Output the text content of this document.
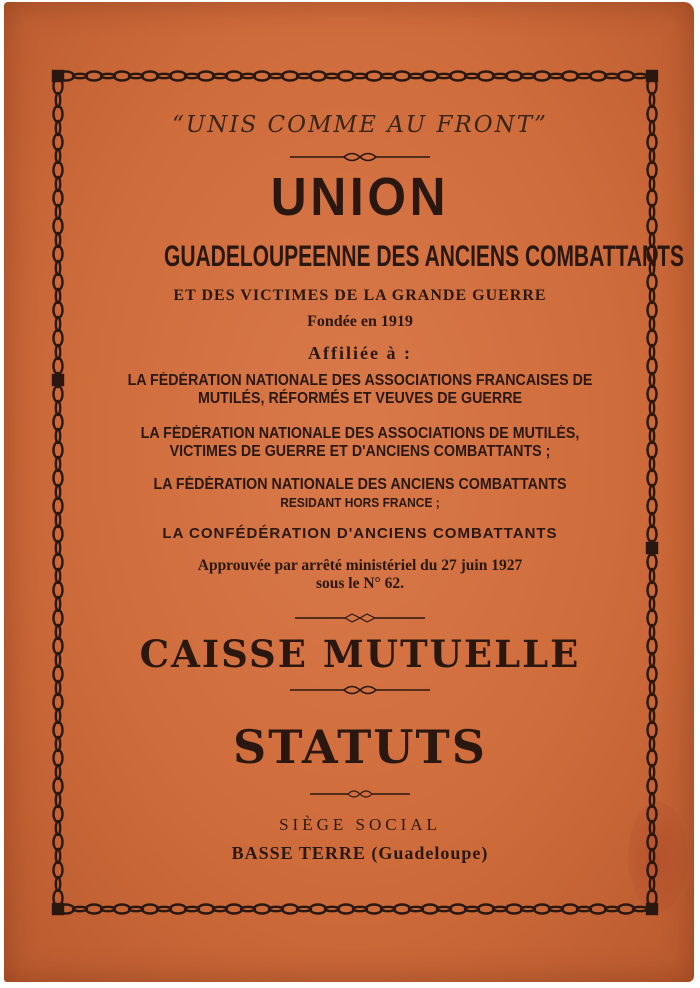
“UNIS COMME AU FRONT”
UNION
GUADELOUPEENNE DES ANCIENS COMBATTANTS
ET DES VICTIMES DE LA GRANDE GUERRE
Fondée en 1919
Affiliée à :
LA FÉDÉRATION NATIONALE DES ASSOCIATIONS FRANCAISES DE
MUTILÉS, RÉFORMÉS ET VEUVES DE GUERRE
LA FÉDÉRATION NATIONALE DES ASSOCIATIONS DE MUTILÉS,
VICTIMES DE GUERRE ET D'ANCIENS COMBATTANTS ;
LA FÉDÉRATION NATIONALE DES ANCIENS COMBATTANTS
RESIDANT HORS FRANCE ;
LA CONFÉDÉRATION D'ANCIENS COMBATTANTS
Approuvée par arrêté ministériel du 27 juin 1927
sous le N° 62.
CAISSE MUTUELLE
STATUTS
SIÈGE SOCIAL
BASSE TERRE (Guadeloupe)
